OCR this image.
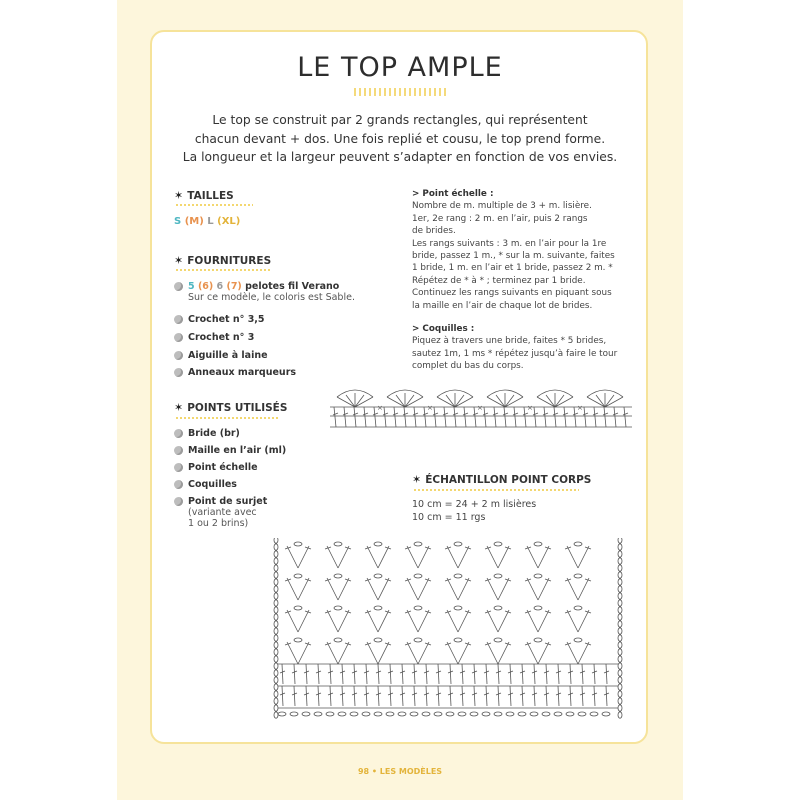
LE TOP AMPLE
Le top se construit par 2 grands rectangles, qui représentent
chacun devant + dos. Une fois replié et cousu, le top prend forme.
La longueur et la largeur peuvent s’adapter en fonction de vos envies.
✶ TAILLES
S (M) L (XL)
✶ FOURNITURES
5 (6) 6 (7) pelotes fil Verano
Sur ce modèle, le coloris est Sable.
Crochet n° 3,5
Crochet n° 3
Aiguille à laine
Anneaux marqueurs
✶ POINTS UTILISÉS
Bride (br)
Maille en l’air (ml)
Point échelle
Coquilles
Point de surjet
(variante avec
1 ou 2 brins)
> Point échelle :
Nombre de m. multiple de 3 + m. lisière.
1er, 2e rang : 2 m. en l’air, puis 2 rangs
de brides.
Les rangs suivants : 3 m. en l’air pour la 1re
bride, passez 1 m., * sur la m. suivante, faites
1 bride, 1 m. en l’air et 1 bride, passez 2 m. *
Répétez de * à * ; terminez par 1 bride.
Continuez les rangs suivants en piquant sous
la maille en l’air de chaque lot de brides.
> Coquilles :
Piquez à travers une bride, faites * 5 brides,
sautez 1m, 1 ms * répétez jusqu’à faire le tour
complet du bas du corps.
×	×	×	×	×
✶ ÉCHANTILLON POINT CORPS
10 cm = 24 + 2 m lisières
10 cm = 11 rgs
98 • LES MODÈLES
